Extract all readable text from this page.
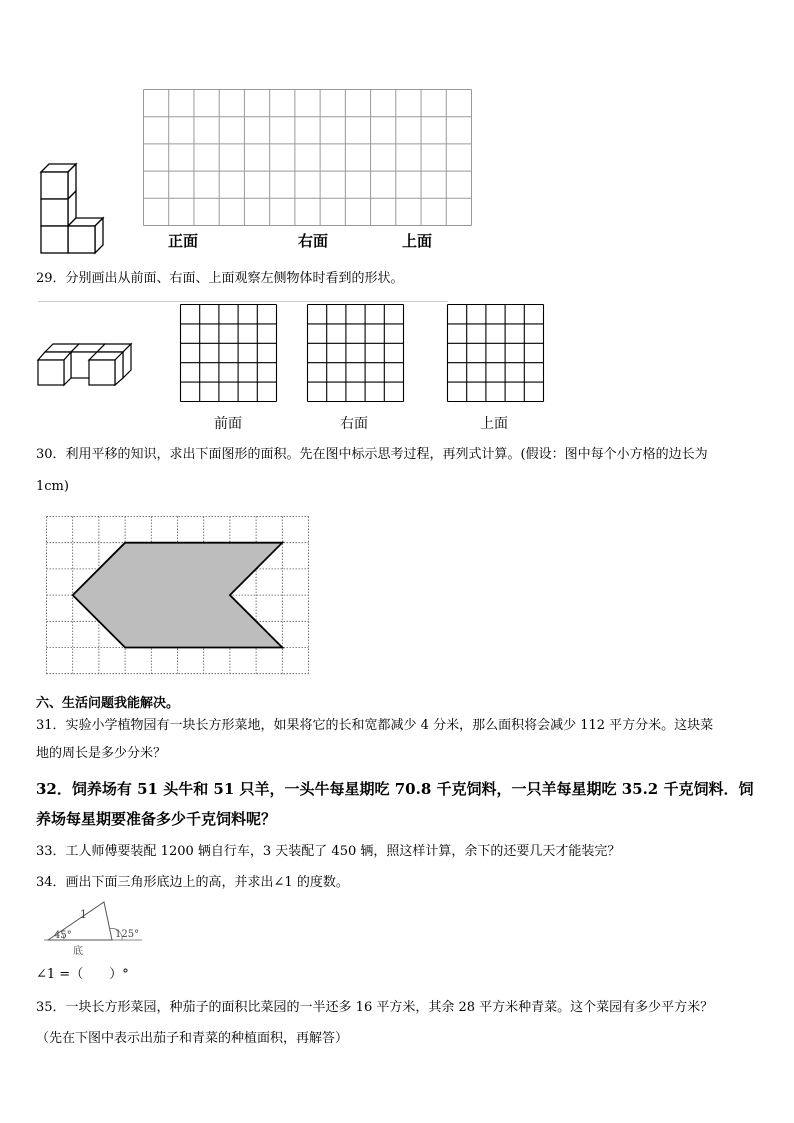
正面	右面	上面
29．分别画出从前面、右面、上面观察左侧物体时看到的形状。
前面	右面	上面
30．利用平移的知识，求出下面图形的面积。先在图中标示思考过程，再列式计算。(假设：图中每个小方格的边长为
1cm)
六、生活问题我能解决。
31．实验小学植物园有一块长方形菜地，如果将它的长和宽都减少 4 分米，那么面积将会减少 112 平方分米。这块菜
地的周长是多少分米？
32．饲养场有 51 头牛和 51 只羊，一头牛每星期吃 70.8 千克饲料，一只羊每星期吃 35.2 千克饲料．饲
养场每星期要准备多少千克饲料呢？
33．工人师傅要装配 1200 辆自行车，3 天装配了 450 辆，照这样计算，余下的还要几天才能装完？
34．画出下面三角形底边上的高，并求出∠1 的度数。
1
45°	125°
底
∠1 =（　　）°
35．一块长方形菜园，种茄子的面积比菜园的一半还多 16 平方米，其余 28 平方米种青菜。这个菜园有多少平方米？
（先在下图中表示出茄子和青菜的种植面积，再解答）
